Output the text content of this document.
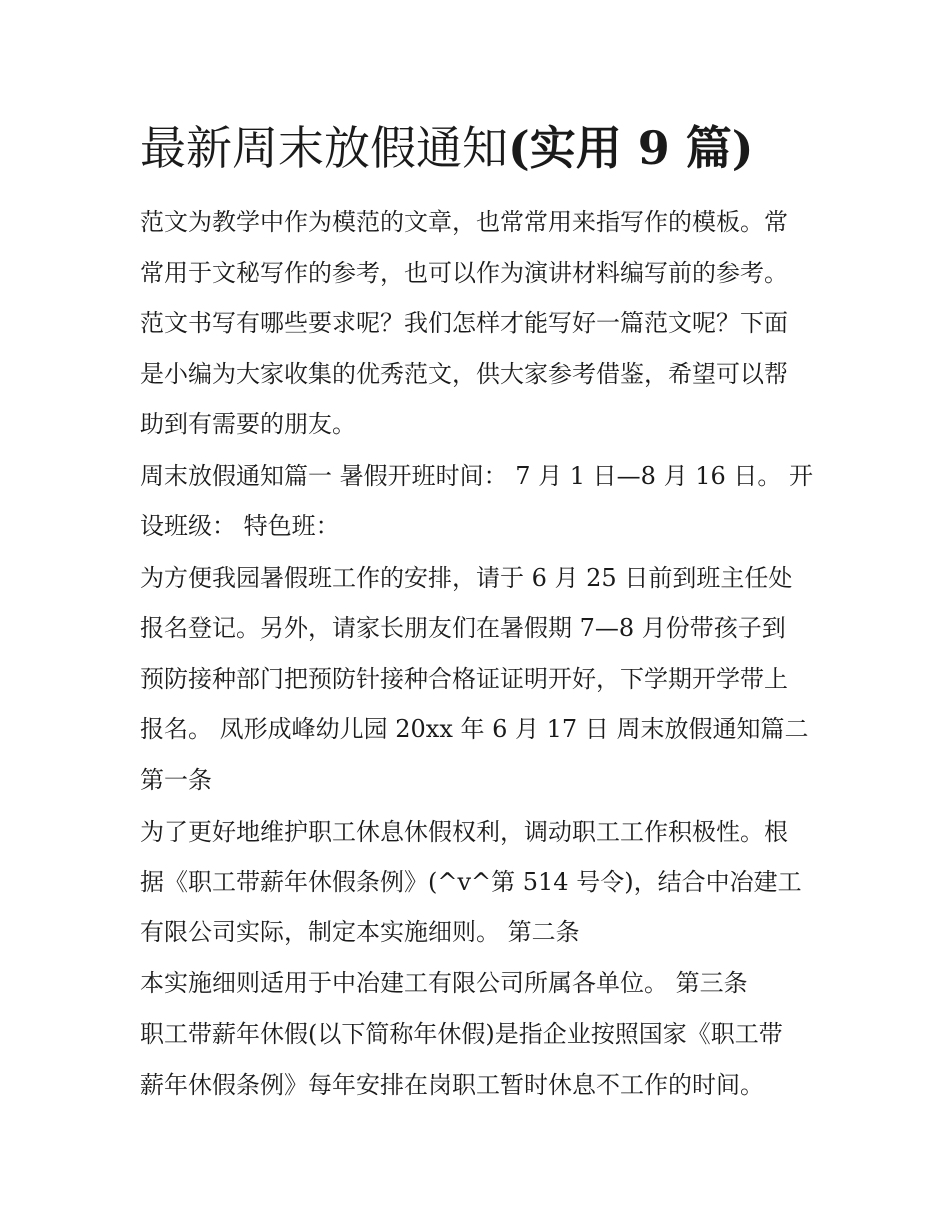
最新周末放假通知(实用 9 篇)

范文为教学中作为模范的文章，也常常用来指写作的模板。常

常用于文秘写作的参考，也可以作为演讲材料编写前的参考。

范文书写有哪些要求呢？我们怎样才能写好一篇范文呢？下面

是小编为大家收集的优秀范文，供大家参考借鉴，希望可以帮

助到有需要的朋友。

周末放假通知篇一 暑假开班时间： 7 月 1 日—8 月 16 日。 开

设班级： 特色班：

为方便我园暑假班工作的安排，请于 6 月 25 日前到班主任处

报名登记。另外，请家长朋友们在暑假期 7—8 月份带孩子到

预防接种部门把预防针接种合格证证明开好，下学期开学带上

报名。 凤形成峰幼儿园 20xx 年 6 月 17 日 周末放假通知篇二

第一条

为了更好地维护职工休息休假权利，调动职工工作积极性。根

据《职工带薪年休假条例》(^v^第 514 号令)，结合中冶建工

有限公司实际，制定本实施细则。 第二条

本实施细则适用于中冶建工有限公司所属各单位。 第三条

职工带薪年休假(以下简称年休假)是指企业按照国家《职工带

薪年休假条例》每年安排在岗职工暂时休息不工作的时间。
